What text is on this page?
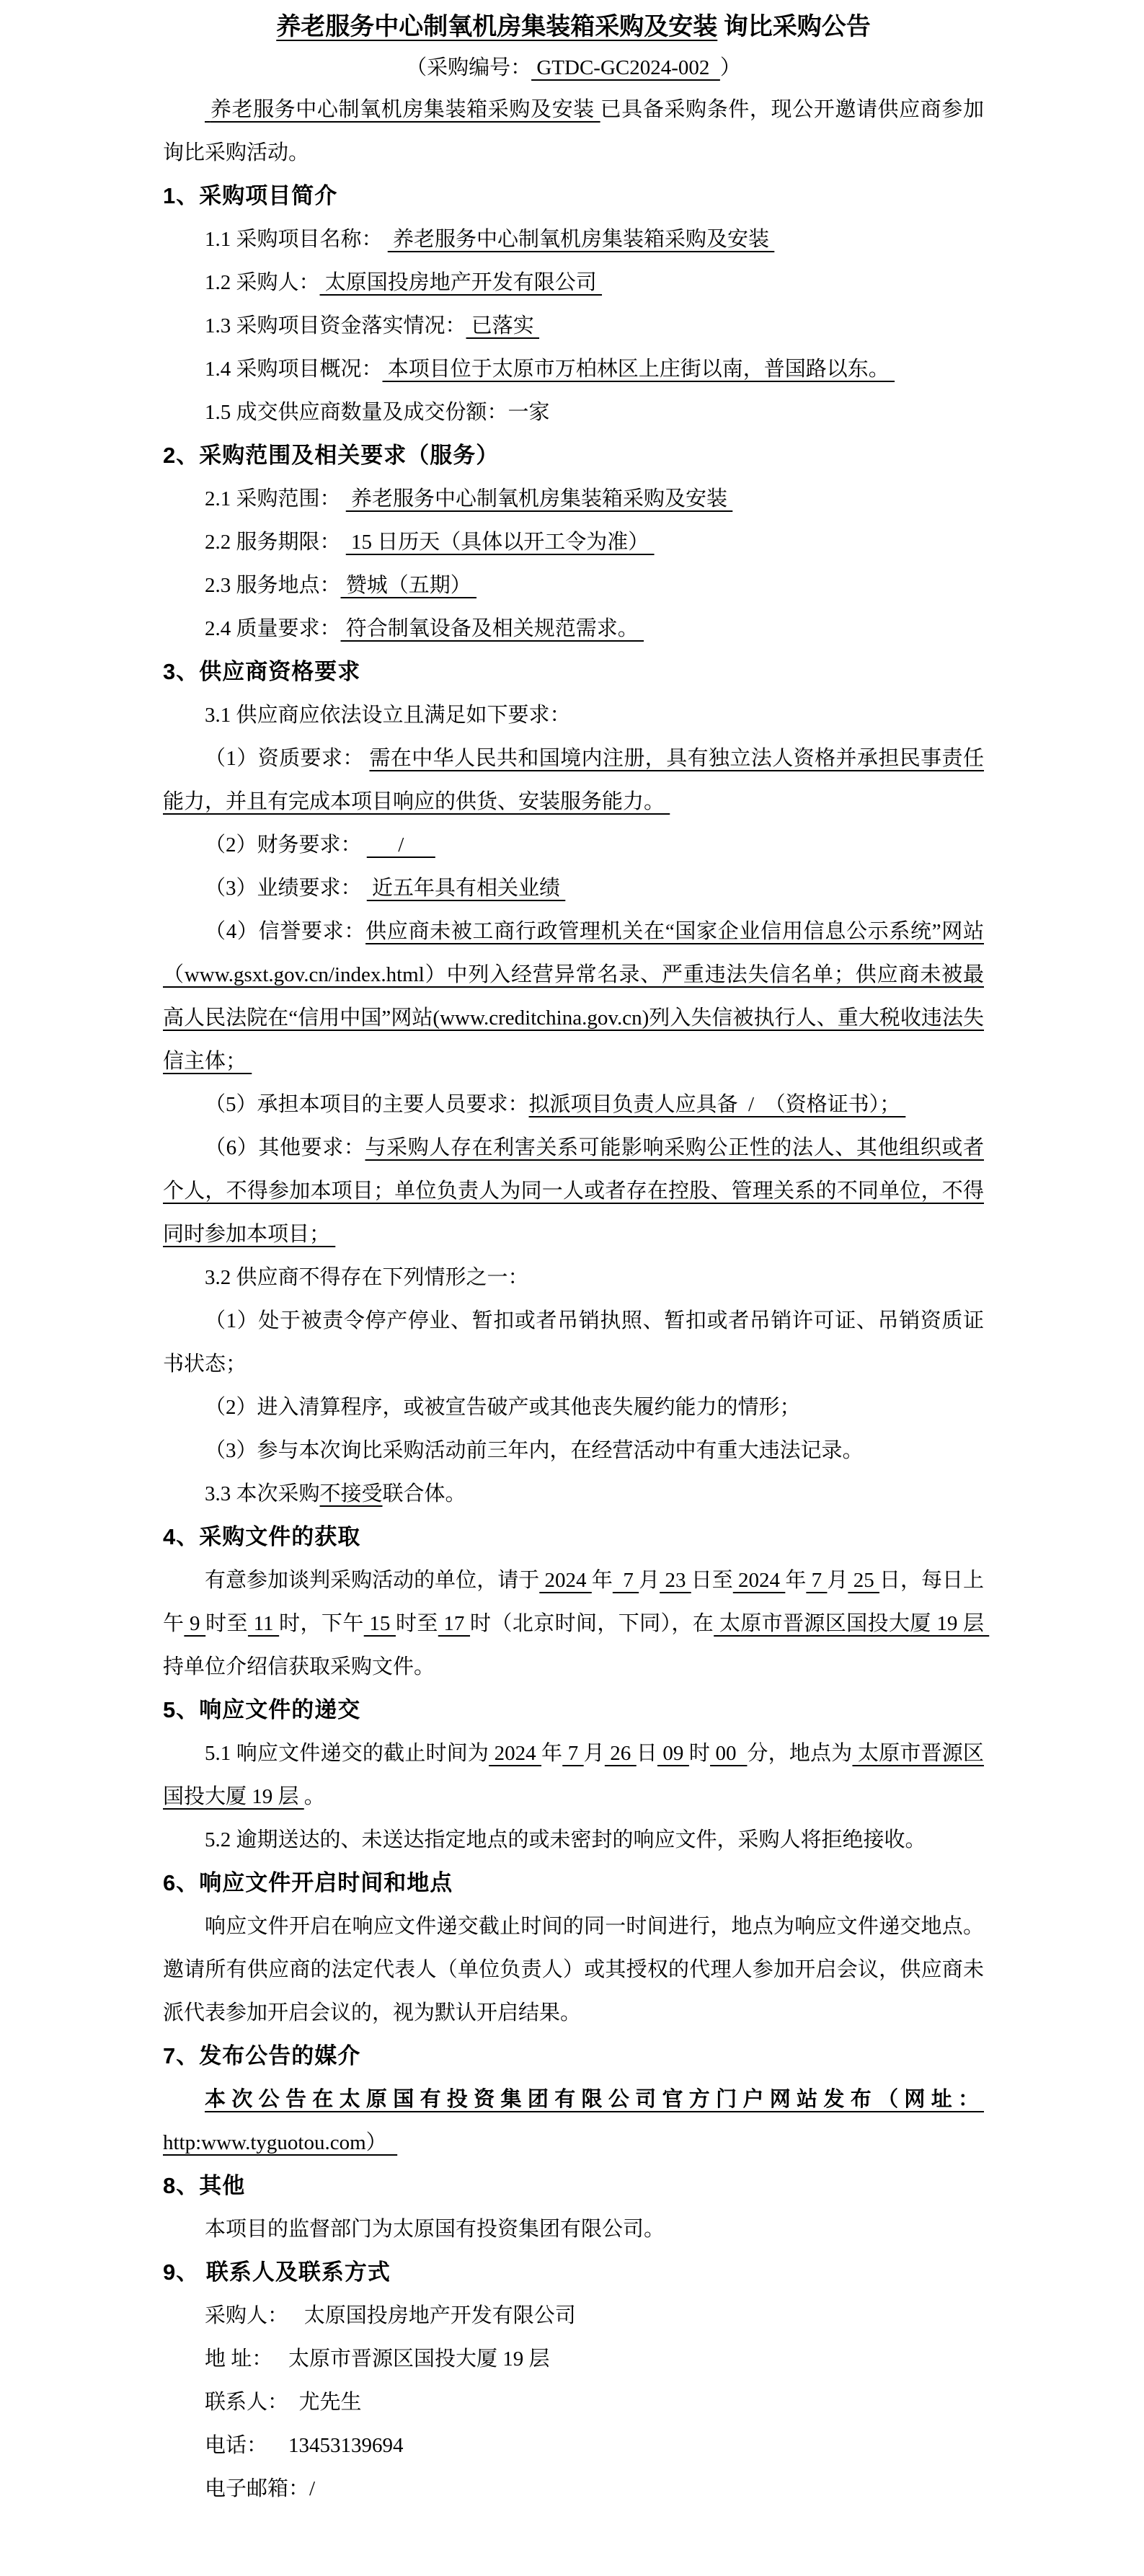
养老服务中心制氧机房集装箱采购及安装 询比采购公告
（采购编号： GTDC-GC2024-002  ）
养老服务中心制氧机房集装箱采购及安装 已具备采购条件，现公开邀请供应商参加询比采购活动。
1、采购项目简介
1.1 采购项目名称：  养老服务中心制氧机房集装箱采购及安装
1.2 采购人： 太原国投房地产开发有限公司
1.3 采购项目资金落实情况： 已落实
1.4 采购项目概况： 本项目位于太原市万柏林区上庄街以南，普国路以东。
1.5 成交供应商数量及成交份额：一家
2、采购范围及相关要求（服务）
2.1 采购范围：  养老服务中心制氧机房集装箱采购及安装
2.2 服务期限：  15 日历天（具体以开工令为准）
2.3 服务地点： 赞城（五期）
2.4 质量要求： 符合制氧设备及相关规范需求。
3、供应商资格要求
3.1 供应商应依法设立且满足如下要求：
（1）资质要求： 需在中华人民共和国境内注册，具有独立法人资格并承担民事责任能力，并且有完成本项目响应的供货、安装服务能力。
（2）财务要求：       /
（3）业绩要求：  近五年具有相关业绩
（4）信誉要求：供应商未被工商行政管理机关在“国家企业信用信息公示系统”网站（www.gsxt.gov.cn/index.html）中列入经营异常名录、严重违法失信名单；供应商未被最高人民法院在“信用中国”网站(www.creditchina.gov.cn)列入失信被执行人、重大税收违法失信主体；
（5）承担本项目的主要人员要求：拟派项目负责人应具备  /  （资格证书）；
（6）其他要求：与采购人存在利害关系可能影响采购公正性的法人、其他组织或者个人，不得参加本项目；单位负责人为同一人或者存在控股、管理关系的不同单位，不得同时参加本项目；
3.2 供应商不得存在下列情形之一：
（1）处于被责令停产停业、暂扣或者吊销执照、暂扣或者吊销许可证、吊销资质证书状态；
（2）进入清算程序，或被宣告破产或其他丧失履约能力的情形；
（3）参与本次询比采购活动前三年内，在经营活动中有重大违法记录。
3.3 本次采购不接受联合体。
4、采购文件的获取
有意参加谈判采购活动的单位，请于 2024 年  7 月 23 日至 2024 年 7 月 25 日，每日上午 9 时至 11 时，下午 15 时至 17 时（北京时间，下同），在 太原市晋源区国投大厦 19 层   持单位介绍信获取采购文件。
5、响应文件的递交
5.1 响应文件递交的截止时间为 2024 年 7 月 26 日 09 时 00  分，地点为 太原市晋源区国投大厦 19 层 。
5.2 逾期送达的、未送达指定地点的或未密封的响应文件，采购人将拒绝接收。
6、响应文件开启时间和地点
响应文件开启在响应文件递交截止时间的同一时间进行，地点为响应文件递交地点。邀请所有供应商的法定代表人（单位负责人）或其授权的代理人参加开启会议，供应商未派代表参加开启会议的，视为默认开启结果。
7、发布公告的媒介
本次公告在太原国有投资集团有限公司官方门户网站发布（网址：http:www.tyguotou.com）
8、其他
本项目的监督部门为太原国有投资集团有限公司。
9、 联系人及联系方式
采购人：   太原国投房地产开发有限公司
地 址：   太原市晋源区国投大厦 19 层
联系人：  尤先生
电话：    13453139694
电子邮箱：/
